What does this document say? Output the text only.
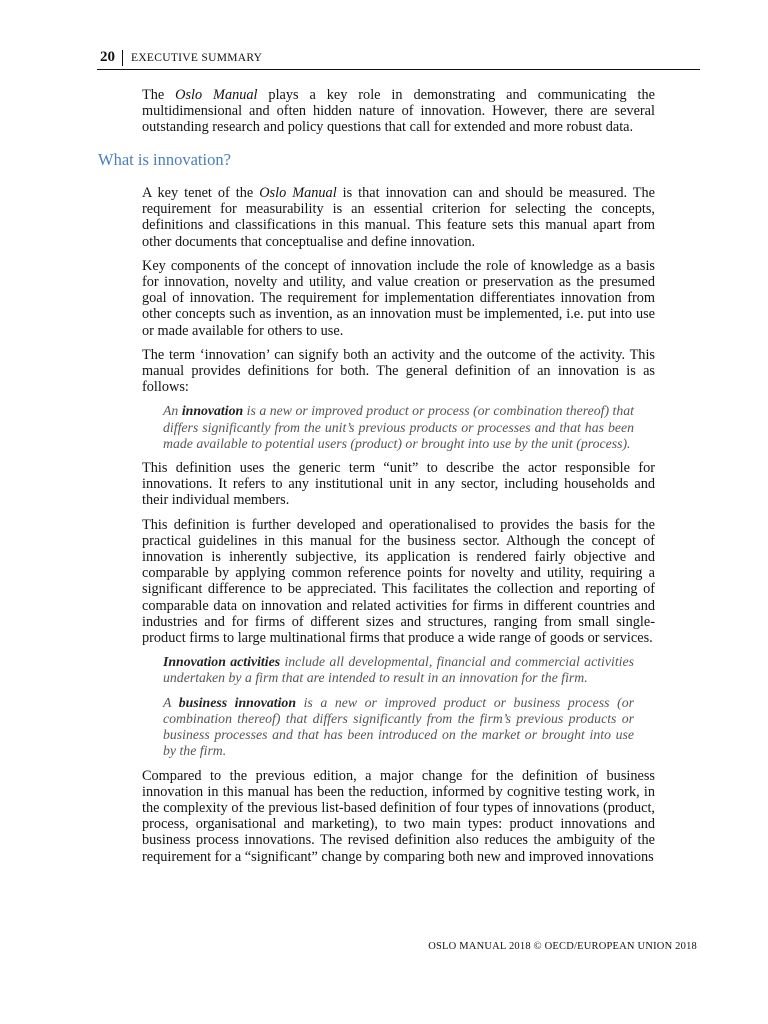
20 EXECUTIVE SUMMARY

The Oslo Manual plays a key role in demonstrating and communicating the multidimensional and often hidden nature of innovation. However, there are several outstanding research and policy questions that call for extended and more robust data.

What is innovation?

A key tenet of the Oslo Manual is that innovation can and should be measured. The requirement for measurability is an essential criterion for selecting the concepts, definitions and classifications in this manual. This feature sets this manual apart from other documents that conceptualise and define innovation.

Key components of the concept of innovation include the role of knowledge as a basis for innovation, novelty and utility, and value creation or preservation as the presumed goal of innovation. The requirement for implementation differentiates innovation from other concepts such as invention, as an innovation must be implemented, i.e. put into use or made available for others to use.

The term ‘innovation’ can signify both an activity and the outcome of the activity. This manual provides definitions for both. The general definition of an innovation is as follows:

An innovation is a new or improved product or process (or combination thereof) that differs significantly from the unit’s previous products or processes and that has been made available to potential users (product) or brought into use by the unit (process).

This definition uses the generic term “unit” to describe the actor responsible for innovations. It refers to any institutional unit in any sector, including households and their individual members.

This definition is further developed and operationalised to provides the basis for the practical guidelines in this manual for the business sector. Although the concept of innovation is inherently subjective, its application is rendered fairly objective and comparable by applying common reference points for novelty and utility, requiring a significant difference to be appreciated. This facilitates the collection and reporting of comparable data on innovation and related activities for firms in different countries and industries and for firms of different sizes and structures, ranging from small single-product firms to large multinational firms that produce a wide range of goods or services.

Innovation activities include all developmental, financial and commercial activities undertaken by a firm that are intended to result in an innovation for the firm.

A business innovation is a new or improved product or business process (or combination thereof) that differs significantly from the firm’s previous products or business processes and that has been introduced on the market or brought into use by the firm.

Compared to the previous edition, a major change for the definition of business innovation in this manual has been the reduction, informed by cognitive testing work, in the complexity of the previous list-based definition of four types of innovations (product, process, organisational and marketing), to two main types: product innovations and business process innovations. The revised definition also reduces the ambiguity of the requirement for a “significant” change by comparing both new and improved innovations

OSLO MANUAL 2018 © OECD/EUROPEAN UNION 2018
